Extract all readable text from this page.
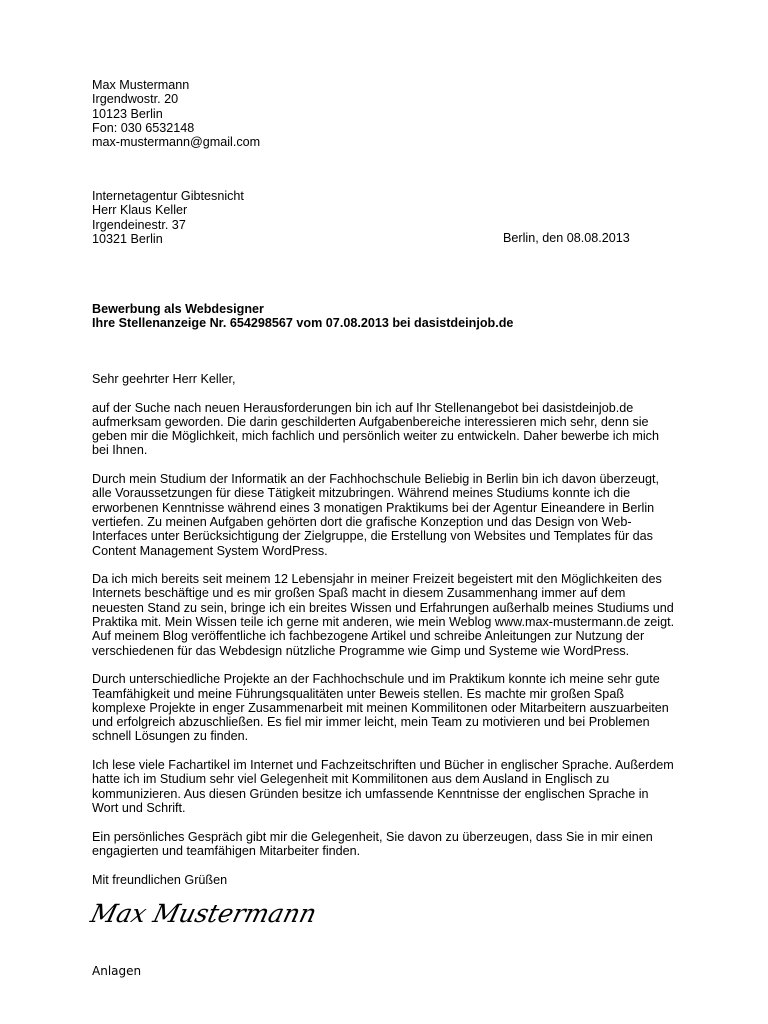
Max Mustermann
Irgendwostr. 20
10123 Berlin
Fon: 030 6532148
max-mustermann@gmail.com
Internetagentur Gibtesnicht
Herr Klaus Keller
Irgendeinestr. 37
10321 Berlin	Berlin, den 08.08.2013
Bewerbung als Webdesigner
Ihre Stellenanzeige Nr. 654298567 vom 07.08.2013 bei dasistdeinjob.de

Sehr geehrter Herr Keller,

auf der Suche nach neuen Herausforderungen bin ich auf Ihr Stellenangebot bei dasistdeinjob.de aufmerksam geworden. Die darin geschilderten Aufgabenbereiche interessieren mich sehr, denn sie geben mir die Möglichkeit, mich fachlich und persönlich weiter zu entwickeln. Daher bewerbe ich mich bei Ihnen.

Durch mein Studium der Informatik an der Fachhochschule Beliebig in Berlin bin ich davon überzeugt, alle Voraussetzungen für diese Tätigkeit mitzubringen. Während meines Studiums konnte ich die erworbenen Kenntnisse während eines 3 monatigen Praktikums bei der Agentur Eineandere in Berlin vertiefen. Zu meinen Aufgaben gehörten dort die grafische Konzeption und das Design von Web-Interfaces unter Berücksichtigung der Zielgruppe, die Erstellung von Websites und Templates für das Content Management System WordPress.

Da ich mich bereits seit meinem 12 Lebensjahr in meiner Freizeit begeistert mit den Möglichkeiten des Internets beschäftige und es mir großen Spaß macht in diesem Zusammenhang immer auf dem neuesten Stand zu sein, bringe ich ein breites Wissen und Erfahrungen außerhalb meines Studiums und Praktika mit. Mein Wissen teile ich gerne mit anderen, wie mein Weblog www.max-mustermann.de zeigt. Auf meinem Blog veröffentliche ich fachbezogene Artikel und schreibe Anleitungen zur Nutzung der verschiedenen für das Webdesign nützliche Programme wie Gimp und Systeme wie WordPress.

Durch unterschiedliche Projekte an der Fachhochschule und im Praktikum konnte ich meine sehr gute Teamfähigkeit und meine Führungsqualitäten unter Beweis stellen. Es machte mir großen Spaß komplexe Projekte in enger Zusammenarbeit mit meinen Kommilitonen oder Mitarbeitern auszuarbeiten und erfolgreich abzuschließen. Es fiel mir immer leicht, mein Team zu motivieren und bei Problemen schnell Lösungen zu finden.

Ich lese viele Fachartikel im Internet und Fachzeitschriften und Bücher in englischer Sprache. Außerdem hatte ich im Studium sehr viel Gelegenheit mit Kommilitonen aus dem Ausland in Englisch zu kommunizieren. Aus diesen Gründen besitze ich umfassende Kenntnisse der englischen Sprache in Wort und Schrift.

Ein persönliches Gespräch gibt mir die Gelegenheit, Sie davon zu überzeugen, dass Sie in mir einen engagierten und teamfähigen Mitarbeiter finden.

Mit freundlichen Grüßen
Max Mustermann
Anlagen
